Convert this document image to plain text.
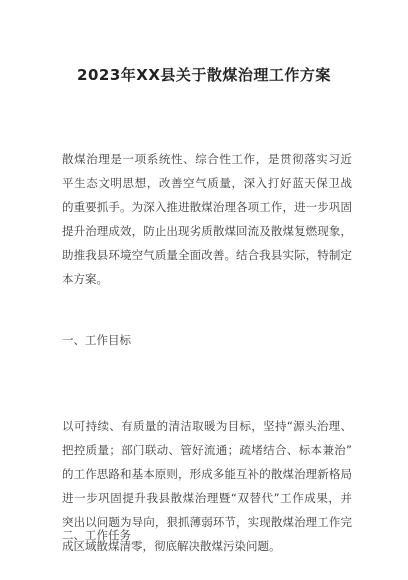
2023年XX县关于散煤治理工作方案
散煤治理是一项系统性、综合性工作，是贯彻落实习近
平生态文明思想，改善空气质量，深入打好蓝天保卫战
的重要抓手。为深入推进散煤治理各项工作，进一步巩固
提升治理成效，防止出现劣质散煤回流及散煤复燃现象，
助推我县环境空气质量全面改善。结合我县实际，特制定
本方案。
一、工作目标
以可持续、有质量的清洁取暖为目标，坚持“源头治理、
把控质量；部门联动、管好流通；疏堵结合、标本兼治”
的工作思路和基本原则，形成多能互补的散煤治理新格局
进一步巩固提升我县散煤治理暨“双替代”工作成果，并
突出以问题为导向，狠抓薄弱环节，实现散煤治理工作完
成区域散煤清零，彻底解决散煤污染问题。
二、工作任务
